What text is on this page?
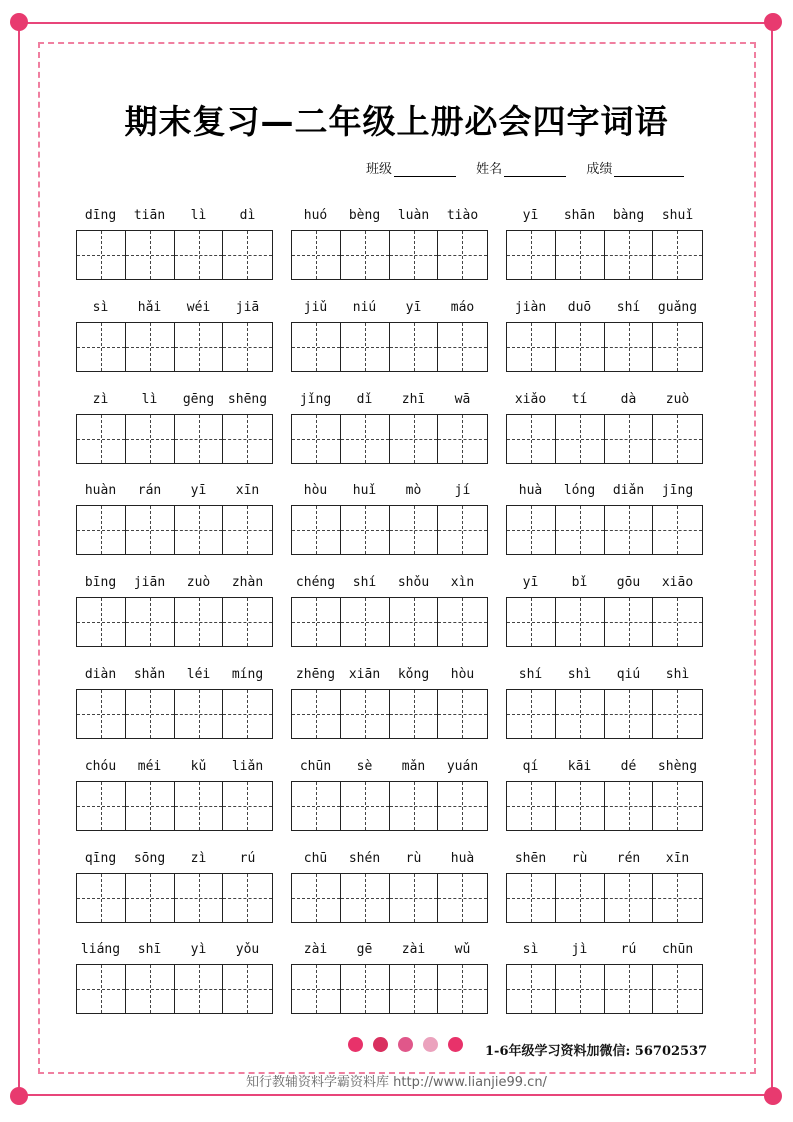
期末复习—二年级上册必会四字词语
班级	姓名	成绩
dīng	tiān	lì	dì	huó	bèng	luàn	tiào	yī	shān	bàng	shuǐ
sì	hǎi	wéi	jiā	jiǔ	niú	yī	máo	jiàn	duō	shí	guǎng
zì	lì	gēng	shēng	jǐng	dǐ	zhī	wā	xiǎo	tí	dà	zuò
huàn	rán	yī	xīn	hòu	huǐ	mò	jí	huà	lóng	diǎn	jīng
bīng	jiān	zuò	zhàn	chéng	shí	shǒu	xìn	yī	bǐ	gōu	xiāo
diàn	shǎn	léi	míng	zhēng	xiān	kǒng	hòu	shí	shì	qiú	shì
chóu	méi	kǔ	liǎn	chūn	sè	mǎn	yuán	qí	kāi	dé	shèng
qīng	sōng	zì	rú	chū	shén	rù	huà	shēn	rù	rén	xīn
liáng	shī	yì	yǒu	zài	gē	zài	wǔ	sì	jì	rú	chūn
1-6年级学习资料加微信: 56702537
知行教辅资料学霸资料库 http://www.lianjie99.cn/
